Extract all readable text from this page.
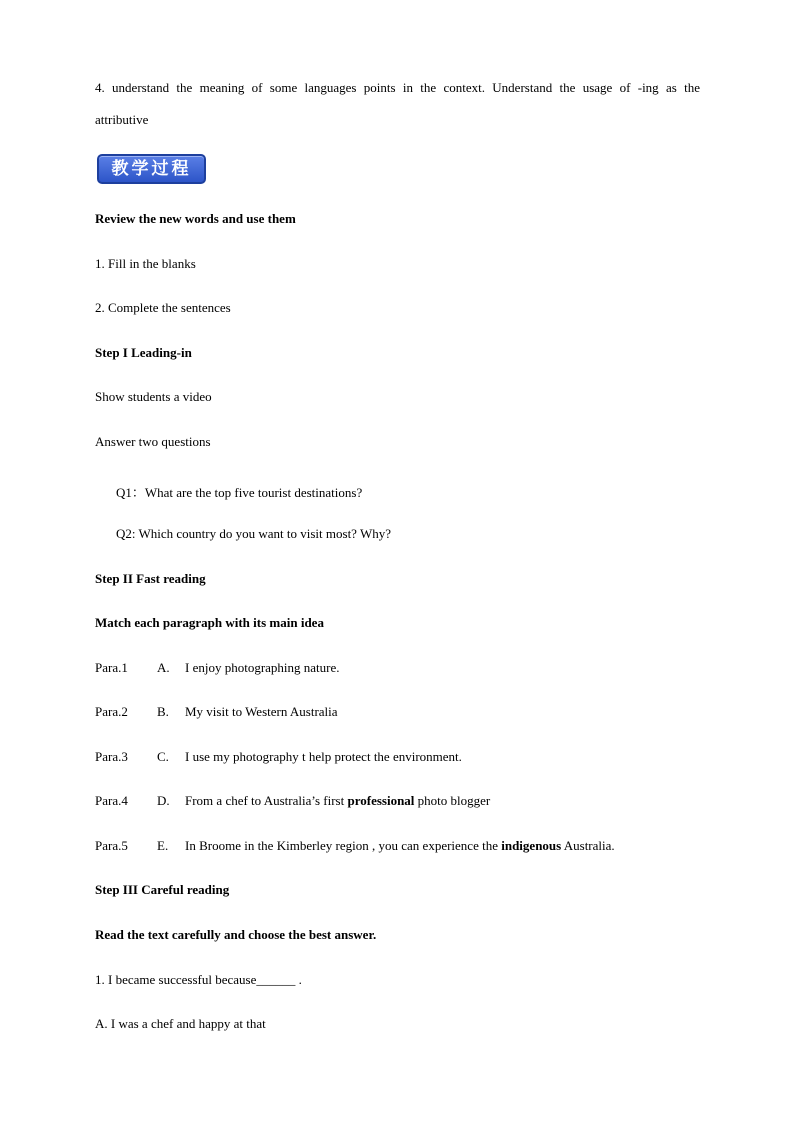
4. understand the meaning of some languages points in the context. Understand the usage of -ing as the
attributive
教学过程
Review the new words and use them
1. Fill in the blanks
2. Complete the sentences
Step I Leading-in
Show students a video
Answer two questions
Q1：What are the top five tourist destinations?
Q2: Which country do you want to visit most? Why?
Step II Fast reading
Match each paragraph with its main idea
Para.1 A. I enjoy photographing nature.
Para.2 B. My visit to Western Australia
Para.3 C. I use my photography t help protect the environment.
Para.4 D. From a chef to Australia’s first professional photo blogger
Para.5 E. In Broome in the Kimberley region , you can experience the indigenous Australia.
Step III Careful reading
Read the text carefully and choose the best answer.
1. I became successful because______ .
A. I was a chef and happy at that
